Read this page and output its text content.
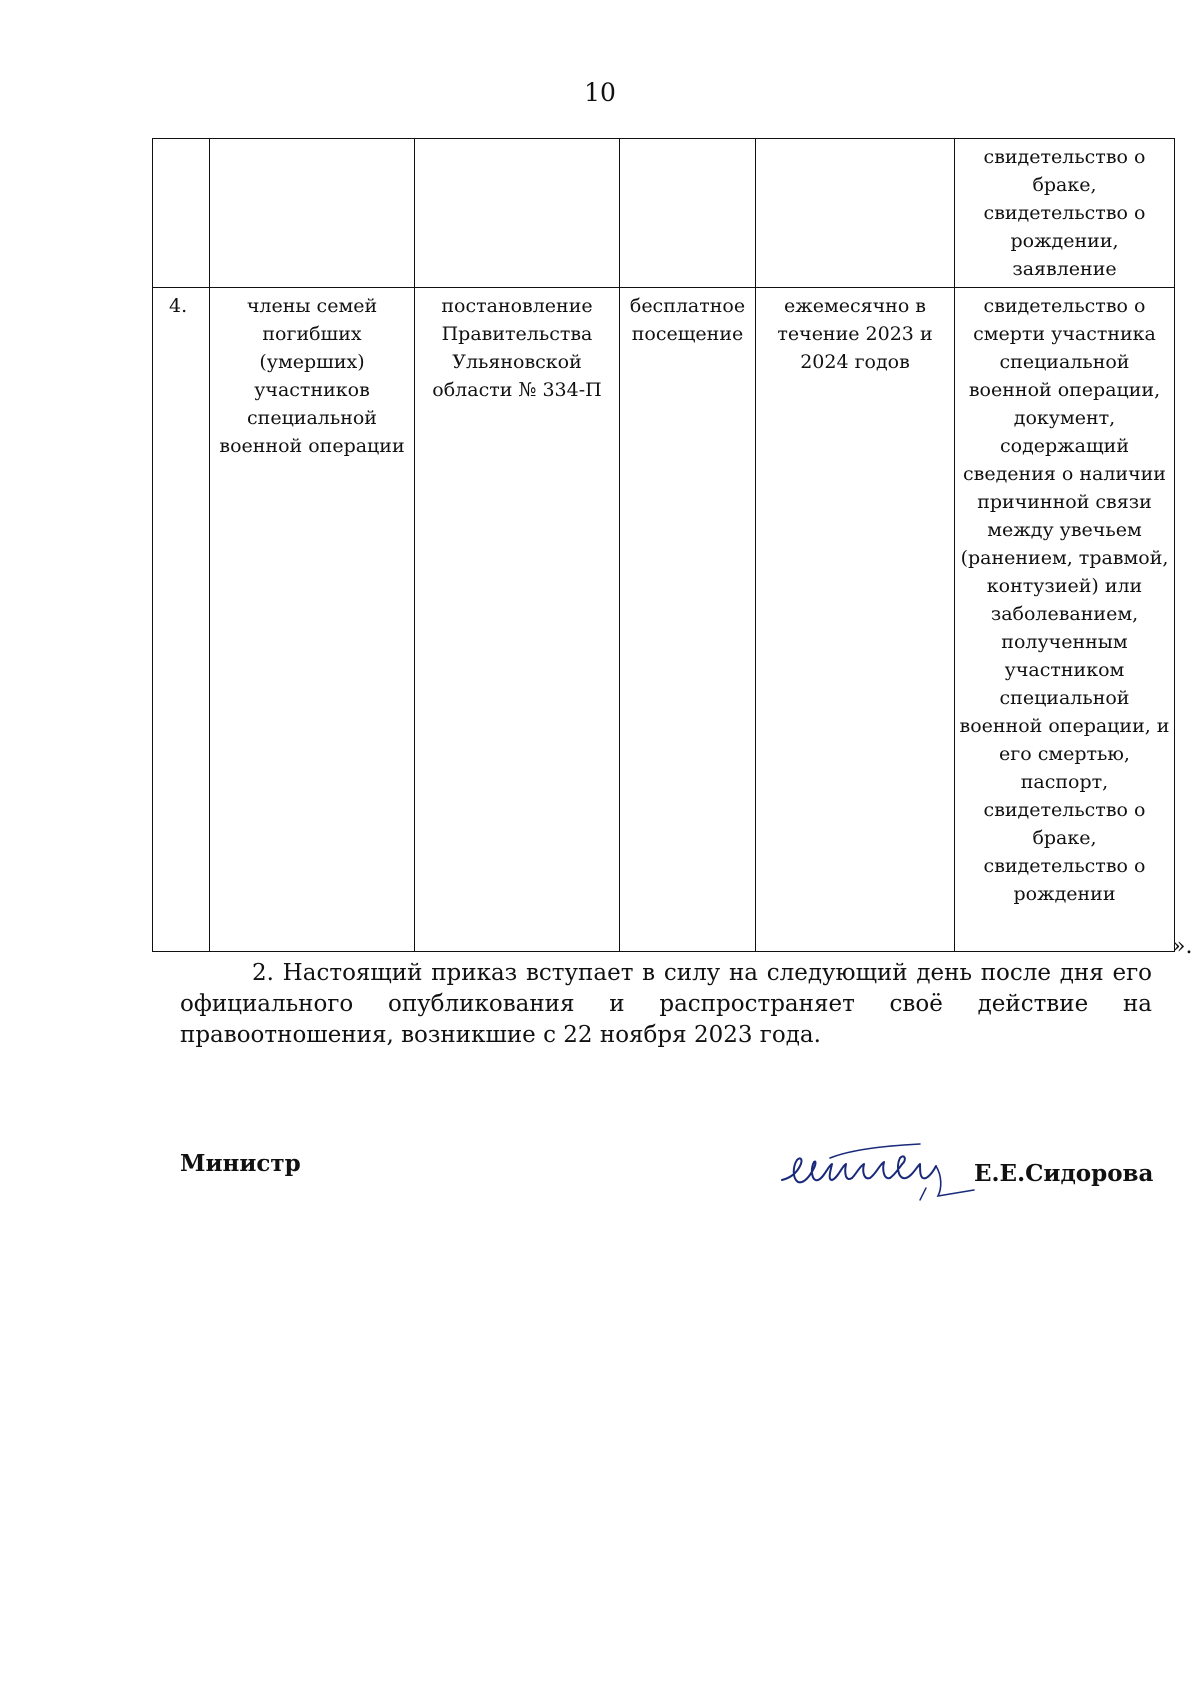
10
					свидетельство о браке, свидетельство о рождении, заявление
4.	члены семей погибших (умерших) участников специальной военной операции	постановление Правительства Ульяновской области № 334-П	бесплатное посещение	ежемесячно в течение 2023 и 2024 годов	свидетельство о смерти участника специальной военной операции, документ, содержащий сведения о наличии причинной связи между увечьем (ранением, травмой, контузией) или заболеванием, полученным участником специальной военной операции, и его смертью, паспорт, свидетельство о браке, свидетельство о рождении
».
2. Настоящий приказ вступает в силу на следующий день после дня его официального опубликования и распространяет своё действие на правоотношения, возникшие с 22 ноября 2023 года.
Министр	Е.Е.Сидорова
